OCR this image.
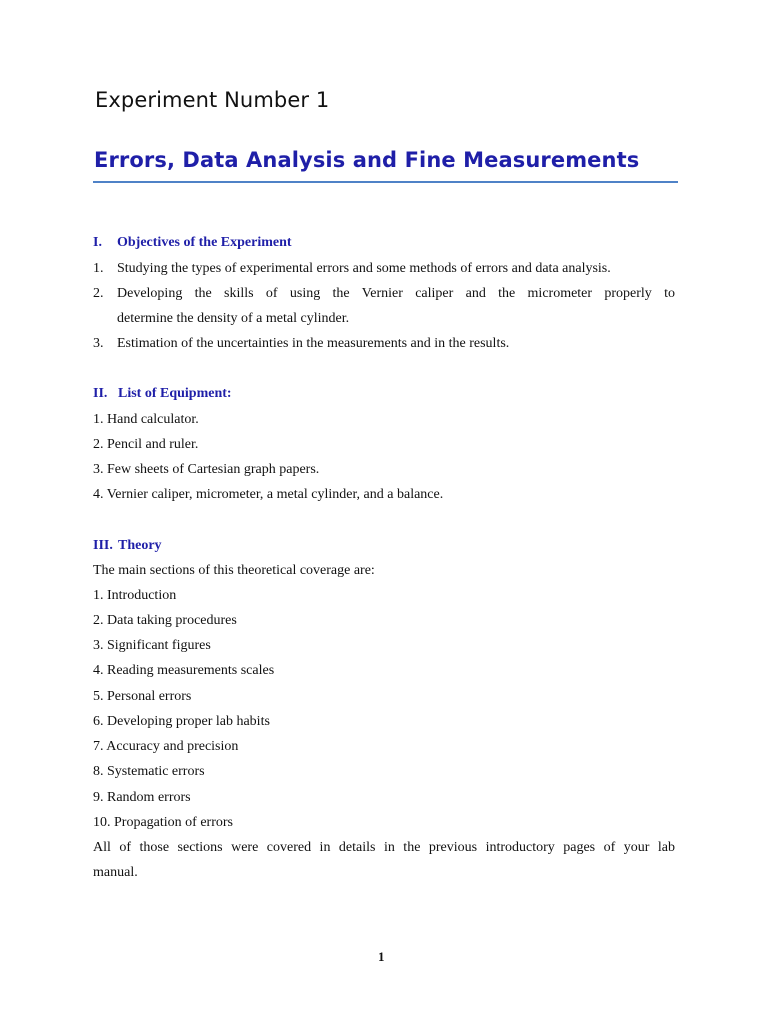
Experiment Number 1
Errors, Data Analysis and Fine Measurements
I. Objectives of the Experiment
1. Studying the types of experimental errors and some methods of errors and data analysis.
2. Developing the skills of using the Vernier caliper and the micrometer properly to
determine the density of a metal cylinder.
3. Estimation of the uncertainties in the measurements and in the results.
II. List of Equipment:
1. Hand calculator.
2. Pencil and ruler.
3. Few sheets of Cartesian graph papers.
4. Vernier caliper, micrometer, a metal cylinder, and a balance.
III. Theory
The main sections of this theoretical coverage are:
1. Introduction
2. Data taking procedures
3. Significant figures
4. Reading measurements scales
5. Personal errors
6. Developing proper lab habits
7. Accuracy and precision
8. Systematic errors
9. Random errors
10. Propagation of errors
All of those sections were covered in details in the previous introductory pages of your lab
manual.
1
